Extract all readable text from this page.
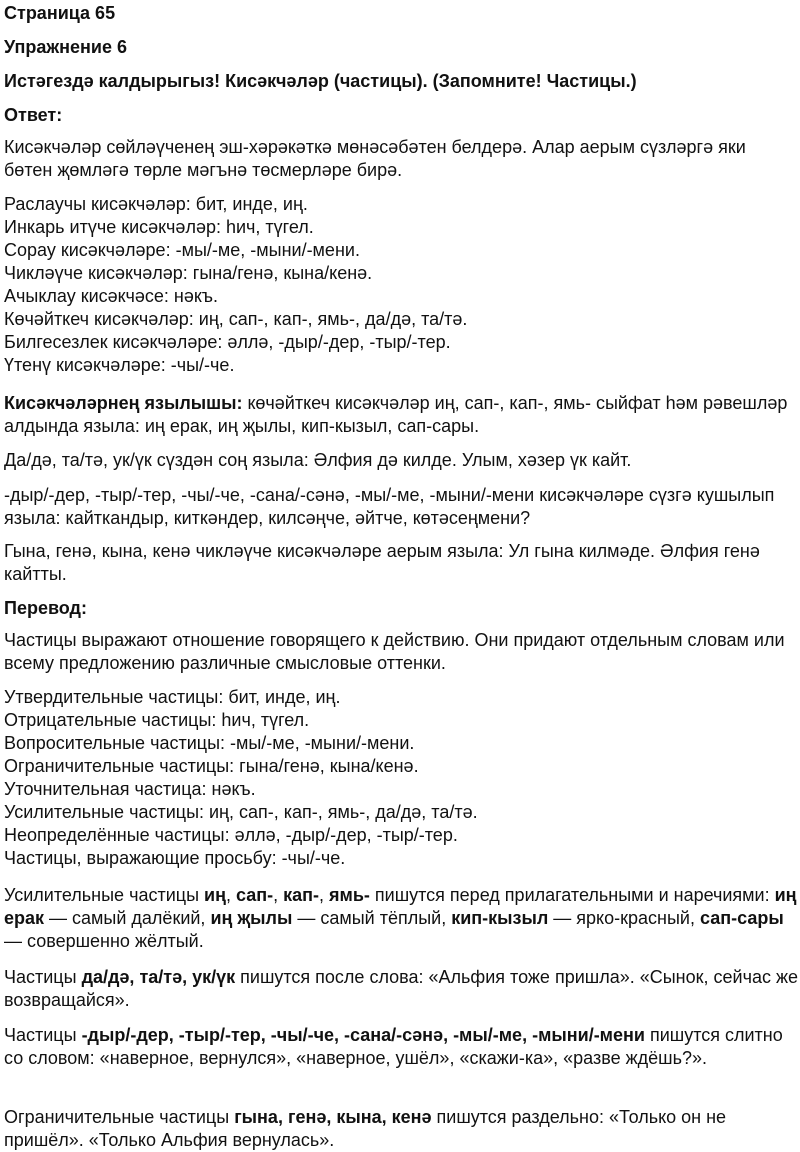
Страница 65
Упражнение 6
Истәгездә калдырыгыз! Кисәкчәләр (частицы). (Запомните! Частицы.)
Ответ:
Кисәкчәләр сөйләүченең эш-хәрәкәткә мөнәсәбәтен белдерә. Алар аерым сүзләргә яки бөтен җөмләгә төрле мәгънә төсмерләре бирә.
Раслаучы кисәкчәләр: бит, инде, иң.
Инкарь итүче кисәкчәләр: һич, түгел.
Сорау кисәкчәләре: -мы/-ме, -мыни/-мени.
Чикләүче кисәкчәләр: гына/генә, кына/кенә.
Ачыклау кисәкчәсе: нәкъ.
Көчәйткеч кисәкчәләр: иң, сап-, кап-, ямь-, да/дә, та/тә.
Билгесезлек кисәкчәләре: әллә, -дыр/-дер, -тыр/-тер.
Үтенү кисәкчәләре: -чы/-че.
Кисәкчәләрнең язылышы: көчәйткеч кисәкчәләр иң, сап-, кап-, ямь- сыйфат һәм рәвешләр алдында языла: иң ерак, иң җылы, кип-кызыл, сап-сары.
Да/дә, та/тә, ук/үк сүздән соң языла: Әлфия дә килде. Улым, хәзер үк кайт.
-дыр/-дер, -тыр/-тер, -чы/-че, -сана/-сәнә, -мы/-ме, -мыни/-мени кисәкчәләре сүзгә кушылып языла: кайткандыр, киткәндер, килсәңче, әйтче, көтәсеңмени?
Гына, генә, кына, кенә чикләүче кисәкчәләре аерым языла: Ул гына килмәде. Әлфия генә кайтты.
Перевод:
Частицы выражают отношение говорящего к действию. Они придают отдельным словам или всему предложению различные смысловые оттенки.
Утвердительные частицы: бит, инде, иң.
Отрицательные частицы: һич, түгел.
Вопросительные частицы: -мы/-ме, -мыни/-мени.
Ограничительные частицы: гына/генә, кына/кенә.
Уточнительная частица: нәкъ.
Усилительные частицы: иң, сап-, кап-, ямь-, да/дә, та/тә.
Неопределённые частицы: әллә, -дыр/-дер, -тыр/-тер.
Частицы, выражающие просьбу: -чы/-че.
Усилительные частицы иң, сап-, кап-, ямь- пишутся перед прилагательными и наречиями: иң ерак — самый далёкий, иң җылы — самый тёплый, кип-кызыл — ярко-красный, сап-сары — совершенно жёлтый.
Частицы да/дә, та/тә, ук/үк пишутся после слова: «Альфия тоже пришла». «Сынок, сейчас же возвращайся».
Частицы -дыр/-дер, -тыр/-тер, -чы/-че, -сана/-сәнә, -мы/-ме, -мыни/-мени пишутся слитно со словом: «наверное, вернулся», «наверное, ушёл», «скажи-ка», «разве ждёшь?».
Ограничительные частицы гына, генә, кына, кенә пишутся раздельно: «Только он не пришёл». «Только Альфия вернулась».
